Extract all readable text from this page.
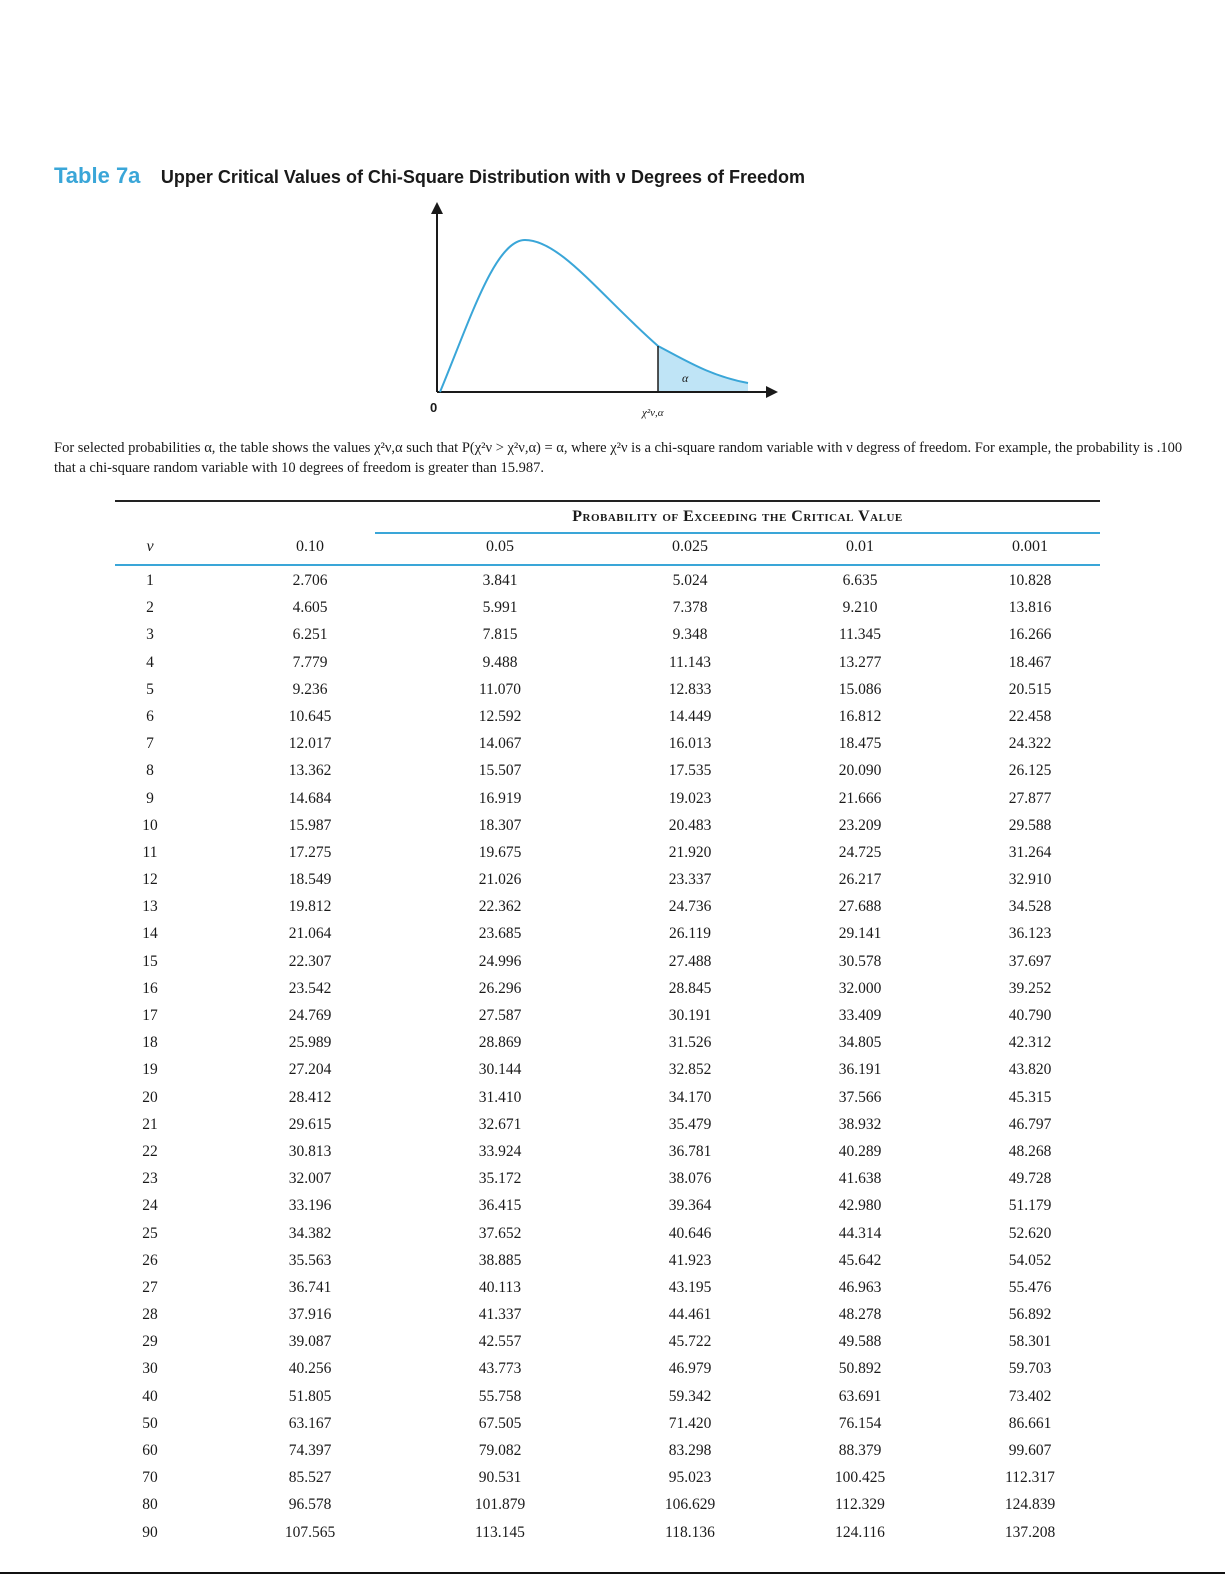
Table 7a Upper Critical Values of Chi-Square Distribution with ν Degrees of Freedom
α
0	χ²ν,α
For selected probabilities α, the table shows the values χ²ν,α such that P(χ²ν > χ²ν,α) = α, where χ²ν is a chi-square random variable with ν degress of freedom. For example, the probability is .100 that a chi-square random variable with 10 degrees of freedom is greater than 15.987.
Probability of Exceeding the Critical Value
ν	0.10	0.05	0.025	0.01	0.001
1	2.706	3.841	5.024	6.635	10.828
2	4.605	5.991	7.378	9.210	13.816
3	6.251	7.815	9.348	11.345	16.266
4	7.779	9.488	11.143	13.277	18.467
5	9.236	11.070	12.833	15.086	20.515
6	10.645	12.592	14.449	16.812	22.458
7	12.017	14.067	16.013	18.475	24.322
8	13.362	15.507	17.535	20.090	26.125
9	14.684	16.919	19.023	21.666	27.877
10	15.987	18.307	20.483	23.209	29.588
11	17.275	19.675	21.920	24.725	31.264
12	18.549	21.026	23.337	26.217	32.910
13	19.812	22.362	24.736	27.688	34.528
14	21.064	23.685	26.119	29.141	36.123
15	22.307	24.996	27.488	30.578	37.697
16	23.542	26.296	28.845	32.000	39.252
17	24.769	27.587	30.191	33.409	40.790
18	25.989	28.869	31.526	34.805	42.312
19	27.204	30.144	32.852	36.191	43.820
20	28.412	31.410	34.170	37.566	45.315
21	29.615	32.671	35.479	38.932	46.797
22	30.813	33.924	36.781	40.289	48.268
23	32.007	35.172	38.076	41.638	49.728
24	33.196	36.415	39.364	42.980	51.179
25	34.382	37.652	40.646	44.314	52.620
26	35.563	38.885	41.923	45.642	54.052
27	36.741	40.113	43.195	46.963	55.476
28	37.916	41.337	44.461	48.278	56.892
29	39.087	42.557	45.722	49.588	58.301
30	40.256	43.773	46.979	50.892	59.703
40	51.805	55.758	59.342	63.691	73.402
50	63.167	67.505	71.420	76.154	86.661
60	74.397	79.082	83.298	88.379	99.607
70	85.527	90.531	95.023	100.425	112.317
80	96.578	101.879	106.629	112.329	124.839
90	107.565	113.145	118.136	124.116	137.208
